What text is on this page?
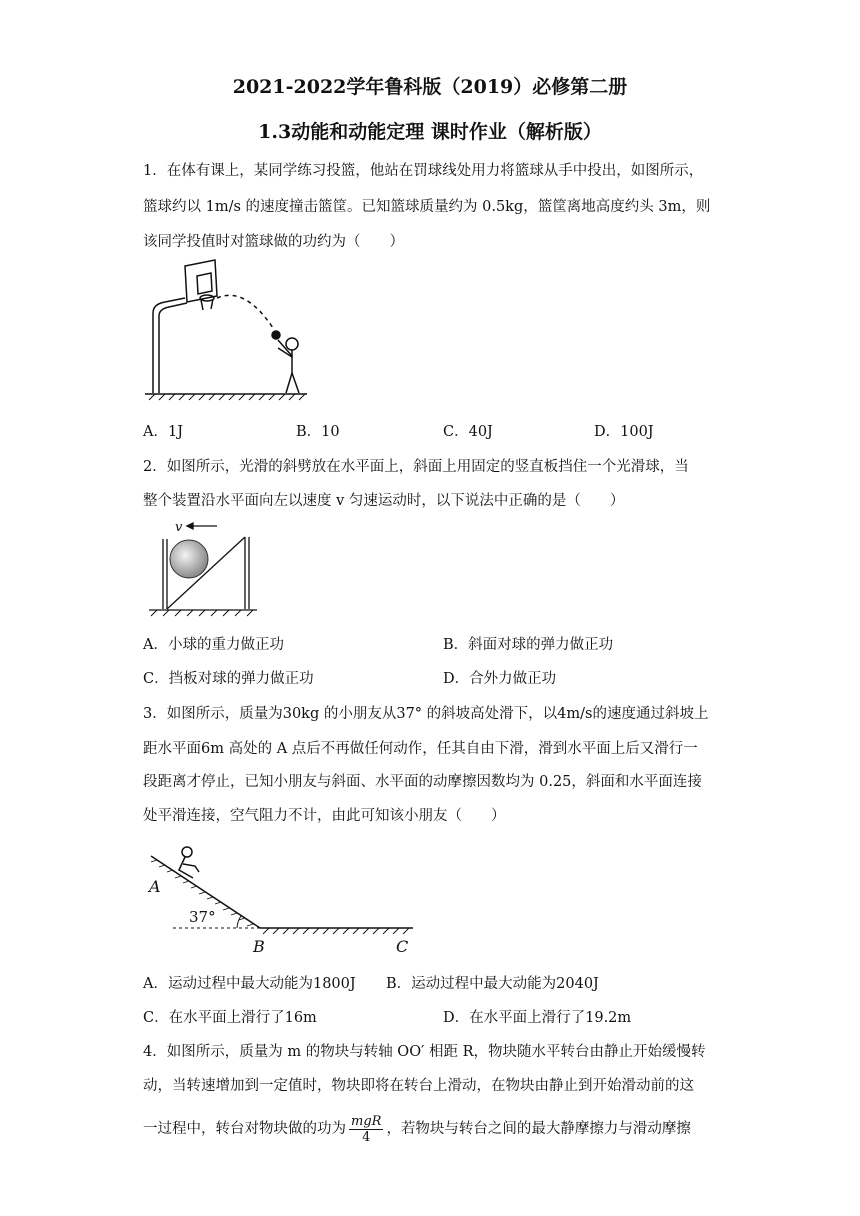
2021-2022学年鲁科版（2019）必修第二册
1.3动能和动能定理 课时作业（解析版）
1．在体有课上，某同学练习投篮，他站在罚球线处用力将篮球从手中投出，如图所示，
篮球约以 1m/s 的速度撞击篮筐。已知篮球质量约为 0.5kg，篮筐离地高度约头 3m，则
该同学投值时对篮球做的功约为（　　）
A．1J	B．10	C．40J	D．100J
2．如图所示，光滑的斜劈放在水平面上，斜面上用固定的竖直板挡住一个光滑球，当
整个装置沿水平面向左以速度 v 匀速运动时，以下说法中正确的是（　　）
v
A．小球的重力做正功	B．斜面对球的弹力做正功
C．挡板对球的弹力做正功	D．合外力做正功
3．如图所示，质量为30kg 的小朋友从37° 的斜坡高处滑下，以4m/s的速度通过斜坡上
距水平面6m 高处的 A 点后不再做任何动作，任其自由下滑，滑到水平面上后又滑行一
段距离才停止，已知小朋友与斜面、水平面的动摩擦因数均为 0.25，斜面和水平面连接
处平滑连接，空气阻力不计，由此可知该小朋友（　　）
A
37°
B	C
A．运动过程中最大动能为1800J B．运动过程中最大动能为2040J
C．在水平面上滑行了16m	D．在水平面上滑行了19.2m
4．如图所示，质量为 m 的物块与转轴 OO′ 相距 R，物块随水平转台由静止开始缓慢转
动，当转速增加到一定值时，物块即将在转台上滑动，在物块由静止到开始滑动前的这
一过程中，转台对物块做的功为 $\frac{\text{mgR}}{4}$ ，若物块与转台之间的最大静摩擦力与滑动摩擦
